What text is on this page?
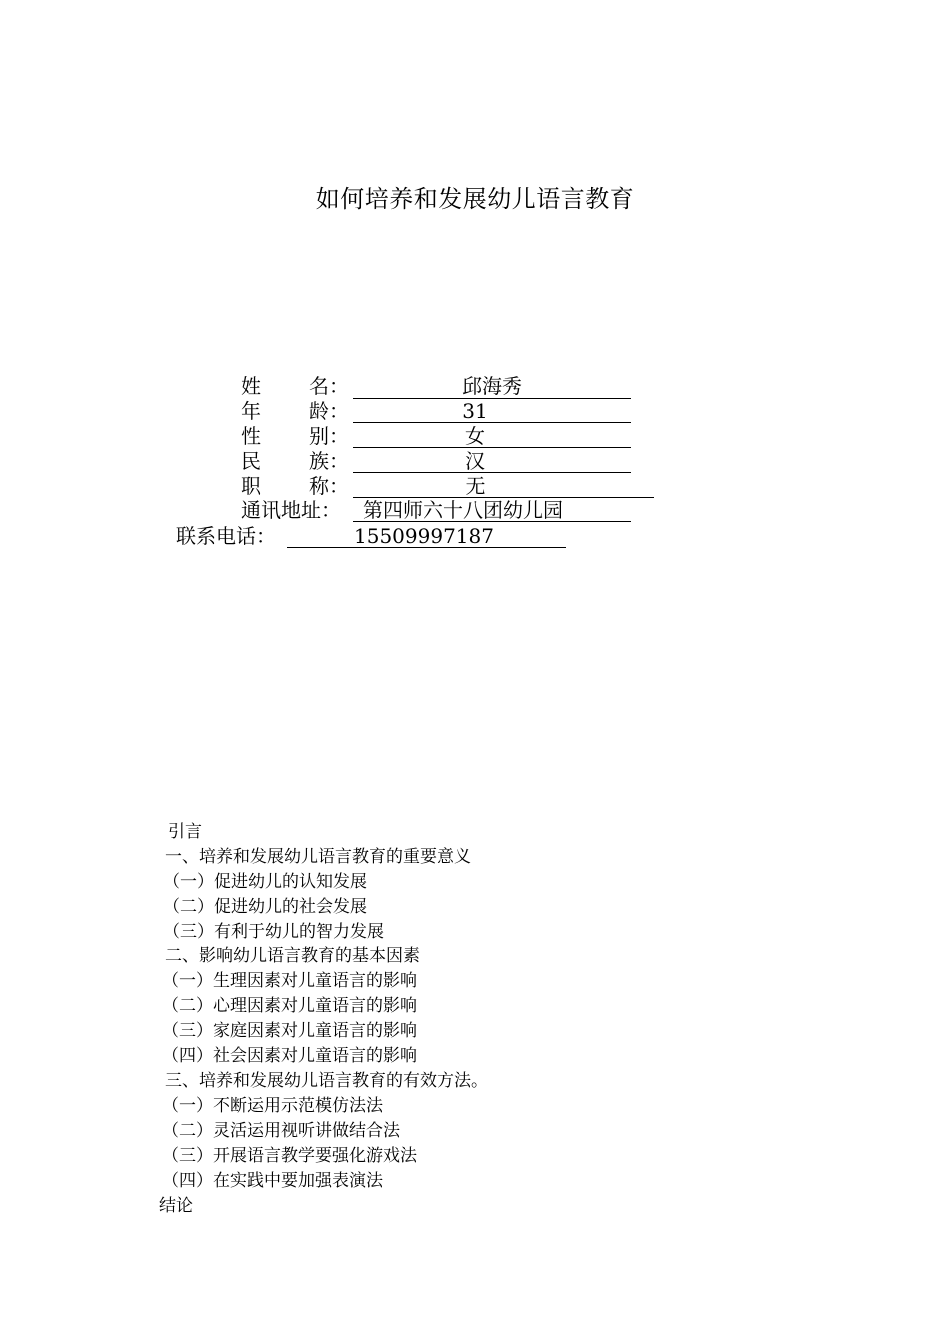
如何培养和发展幼儿语言教育
姓 名：	邱海秀
年 龄：	31
性 别：	女
民 族：	汉
职 称：	无
通讯地址：	第四师六十八团幼儿园
联系电话：	15509997187
引言
一、培养和发展幼儿语言教育的重要意义
（一）促进幼儿的认知发展
（二）促进幼儿的社会发展
（三）有利于幼儿的智力发展
二、影响幼儿语言教育的基本因素
（一）生理因素对儿童语言的影响
（二）心理因素对儿童语言的影响
（三）家庭因素对儿童语言的影响
（四）社会因素对儿童语言的影响
三、培养和发展幼儿语言教育的有效方法。
（一）不断运用示范模仿法法
（二）灵活运用视听讲做结合法
（三）开展语言教学要强化游戏法
（四）在实践中要加强表演法
结论
